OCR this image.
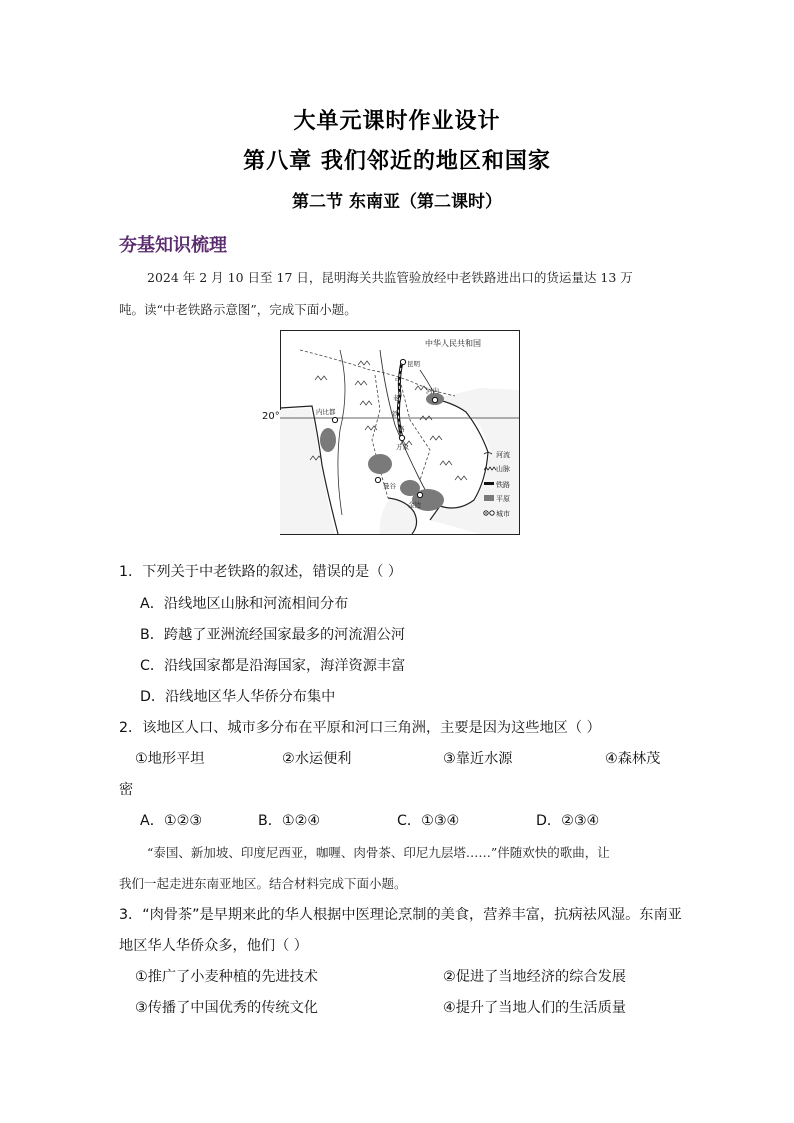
大单元课时作业设计
第八章 我们邻近的地区和国家
第二节 东南亚（第二课时）
夯基知识梳理
2024 年 2 月 10 日至 17 日，昆明海关共监管验放经中老铁路进出口的货运量达 13 万
吨。读“中老铁路示意图”，完成下面小题。
中华人民共和国
昆明
河内
内比都
万象
曼谷
金边
中
老
铁
路
河流
山脉
铁路
平原
城市
20°
1．下列关于中老铁路的叙述，错误的是（ ）
A．沿线地区山脉和河流相间分布
B．跨越了亚洲流经国家最多的河流湄公河
C．沿线国家都是沿海国家，海洋资源丰富
D．沿线地区华人华侨分布集中
2．该地区人口、城市多分布在平原和河口三角洲，主要是因为这些地区（ ）
①地形平坦	②水运便利	③靠近水源	④森林茂
密
A．①②③	B．①②④	C．①③④	D．②③④
“泰国、新加坡、印度尼西亚，咖喱、肉骨茶、印尼九层塔……”伴随欢快的歌曲，让
我们一起走进东南亚地区。结合材料完成下面小题。
3．“肉骨茶”是早期来此的华人根据中医理论烹制的美食，营养丰富，抗病祛风湿。东南亚
地区华人华侨众多，他们（ ）
①推广了小麦种植的先进技术	②促进了当地经济的综合发展
③传播了中国优秀的传统文化	④提升了当地人们的生活质量
